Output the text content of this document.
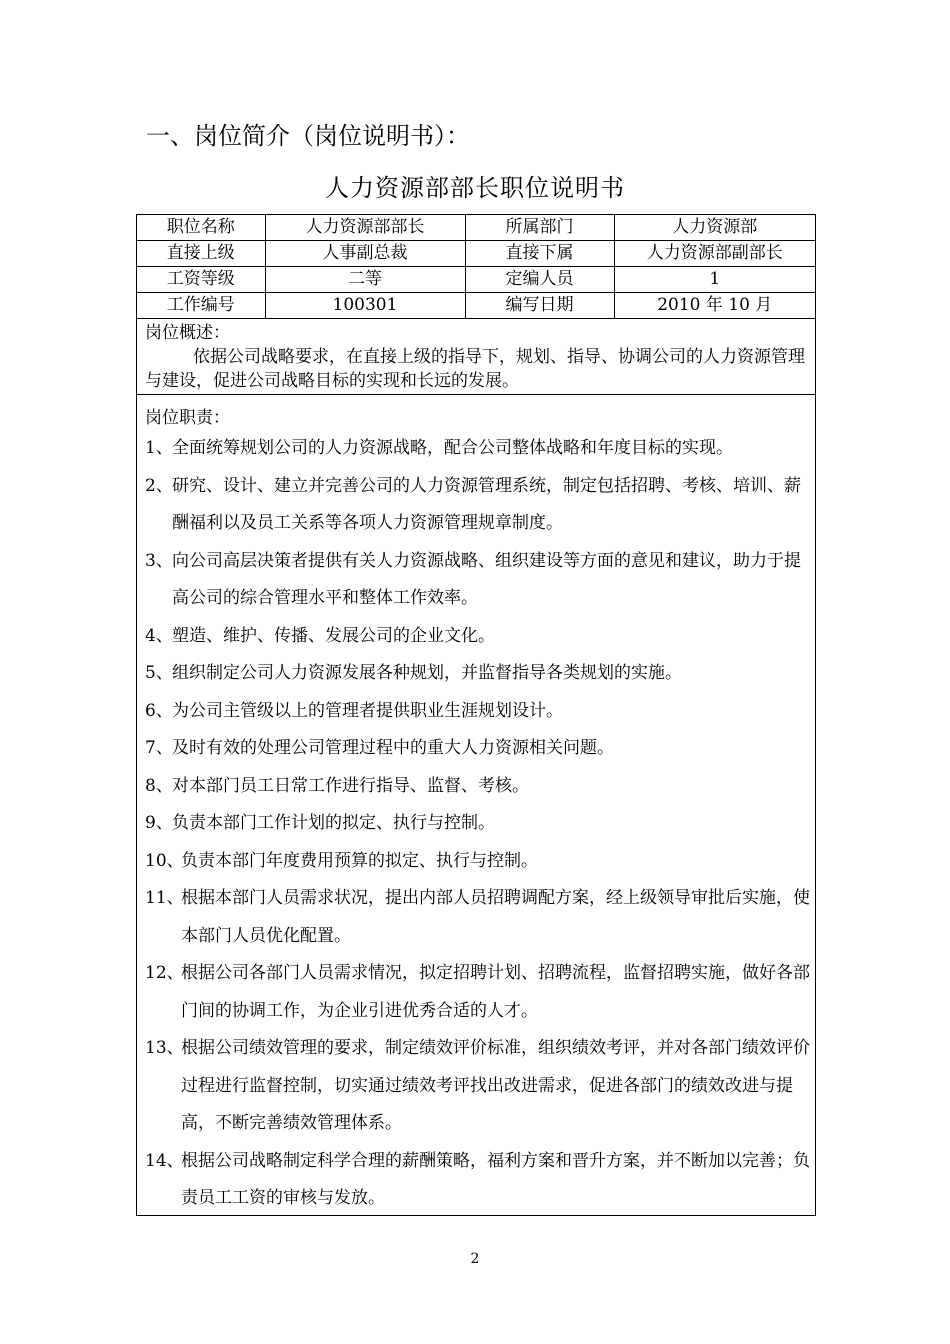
一、岗位简介（岗位说明书）：
人力资源部部长职位说明书
职位名称	人力资源部部长	所属部门	人力资源部
直接上级	人事副总裁	直接下属	人力资源部副部长
工资等级	二等	定编人员	1
工作编号	100301	编写日期	2010 年 10 月
岗位概述：
依据公司战略要求，在直接上级的指导下，规划、指导、协调公司的人力资源管理与建设，促进公司战略目标的实现和长远的发展。
岗位职责：
1、 全面统筹规划公司的人力资源战略，配合公司整体战略和年度目标的实现。
2、 研究、设计、建立并完善公司的人力资源管理系统，制定包括招聘、考核、培训、薪酬福利以及员工关系等各项人力资源管理规章制度。
3、 向公司高层决策者提供有关人力资源战略、组织建设等方面的意见和建议，助力于提高公司的综合管理水平和整体工作效率。
4、 塑造、维护、传播、发展公司的企业文化。
5、 组织制定公司人力资源发展各种规划，并监督指导各类规划的实施。
6、 为公司主管级以上的管理者提供职业生涯规划设计。
7、 及时有效的处理公司管理过程中的重大人力资源相关问题。
8、 对本部门员工日常工作进行指导、监督、考核。
9、 负责本部门工作计划的拟定、执行与控制。
10、
负责本部门年度费用预算的拟定、执行与控制。
11、
根据本部门人员需求状况，提出内部人员招聘调配方案，经上级领导审批后实施，使本部门人员优化配置。
12、
根据公司各部门人员需求情况，拟定招聘计划、招聘流程，监督招聘实施，做好各部门间的协调工作，为企业引进优秀合适的人才。
13、
根据公司绩效管理的要求，制定绩效评价标准，组织绩效考评，并对各部门绩效评价过程进行监督控制，切实通过绩效考评找出改进需求，促进各部门的绩效改进与提高，不断完善绩效管理体系。
14、
根据公司战略制定科学合理的薪酬策略，福利方案和晋升方案，并不断加以完善；负责员工工资的审核与发放。
2
